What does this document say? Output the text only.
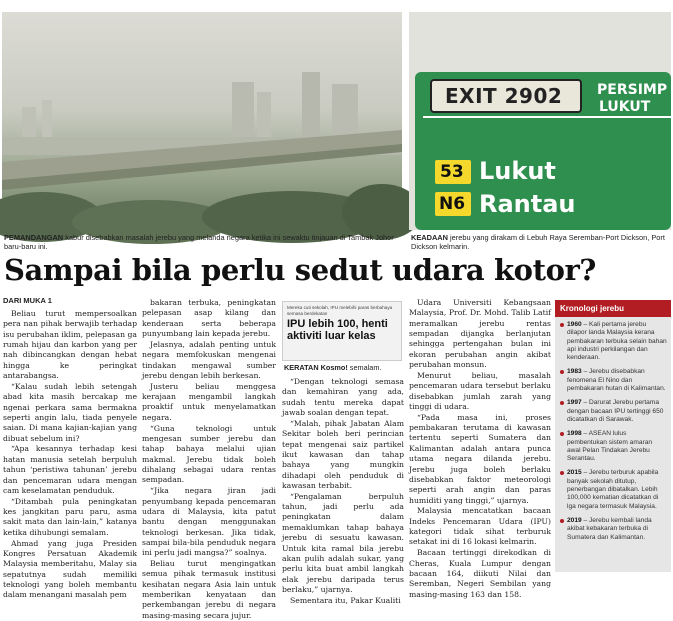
EXIT 2902 PERSIMP
LUKUT
53 Lukut
N6 Rantau
PEMANDANGAN kabur disebabkan masalah jerebu yang melanda negara ketika ini sewaktu tinjauan di Tambak Johor baru-baru ini.
KEADAAN jerebu yang dirakam di Lebuh Raya Seremban-Port Dickson, Port Dickson kelmarin.
Sampai bila perlu sedut udara kotor?
DARI MUKA 1

Beliau turut mempersoalkan pera nan pihak berwajib terhadap isu perubahan iklim, pelepasan ga rumah hijau dan karbon yang per nah dibincangkan dengan hebat hingga ke peringkat antarabangsa.

“Kalau sudah lebih setengah abad kita masih bercakap me ngenai perkara sama bermakna seperti angin lalu, tiada penyele saian. Di mana kajian-kajian yang dibuat sebelum ini?

“Apa kesannya terhadap kesi hatan manusia setelah berpuluh tahun ‘peristiwa tahunan’ jerebu dan pencemaran udara mengan cam keselamatan penduduk.

“Ditambah pula peningkatan kes jangkitan paru paru, asma sakit mata dan lain-lain,” katanya ketika dihubungi semalam.

Ahmad yang juga Presiden Kongres Persatuan Akademik Malaysia memberitahu, Malay sia sepatutnya sudah memiliki teknologi yang boleh membantu dalam menangani masalah pem

bakaran terbuka, peningkatan pelepasan asap kilang dan kenderaan serta beberapa punyumbang lain kepada jerebu.

Jelasnya, adalah penting untuk negara memfokuskan mengenai tindakan mengawal sumber jerebu dengan lebih berkesan.

Justeru beliau menggesa kerajaan mengambil langkah proaktif untuk menyelamatkan negara.

“Guna teknologi untuk mengesan sumber jerebu dan tahap bahaya melalui ujian makmal. Jerebu tidak boleh dihalang sebagai udara rentas sempadan.

“Jika negara jiran jadi penyumbang kepada pencemaran udara di Malaysia, kita patut bantu dengan menggunakan teknologi berkesan. Jika tidak, sampai bila-bila penduduk negara ini perlu jadi mangsa?” soalnya.

Beliau turut mengingatkan semua pihak termasuk institusi kesihatan negara Asia lain untuk memberikan kenyataan dan perkembangan jerebu di negara masing-masing secara jujur.

Mereka cuti sekolah, IPU melebihi paras berbahaya semasa berdekatan
IPU lebih 100, henti
aktiviti luar kelas
KERATAN Kosmo! semalam.

“Dengan teknologi semasa dan kemahiran yang ada, sudah tentu mereka dapat jawab soalan dengan tepat.

“Malah, pihak Jabatan Alam Sekitar boleh beri perincian tepat mengenai saiz partikel ikut kawasan dan tahap bahaya yang mungkin dihadapi oleh penduduk di kawasan terbabit.

“Pengalaman berpuluh tahun, jadi perlu ada peningkatan dalam memaklumkan tahap bahaya jerebu di sesuatu kawasan. Untuk kita ramal bila jerebu akan pulih adalah sukar, yang perlu kita buat ambil langkah elak jerebu daripada terus berlaku,” ujarnya.

Sementara itu, Pakar Kualiti

Udara Universiti Kebangsaan Malaysia, Prof. Dr. Mohd. Talib Latif meramalkan jerebu rentas sempadan dijangka berlanjutan sehingga pertengahan bulan ini ekoran perubahan angin akibat perubahan monsun.

Menurut beliau, masalah pencemaran udara tersebut berlaku disebabkan jumlah zarah yang tinggi di udara.

“Pada masa ini, proses pembakaran terutama di kawasan tertentu seperti Sumatera dan Kalimantan adalah antara punca utama negara dilanda jerebu. Jerebu juga boleh berlaku disebabkan faktor meteorologi seperti arah angin dan paras humiditi yang tinggi,” ujarnya.

Malaysia mencatatkan bacaan Indeks Pencemaran Udara (IPU) kategori tidak sihat terburuk setakat ini di 16 lokasi kelmarin.

Bacaan tertinggi direkodkan di Cheras, Kuala Lumpur dengan bacaan 164, diikuti Nilai dan Seremban, Negeri Sembilan yang masing-masing 163 dan 158.

Kronologi jerebu
1960 – Kali pertama jerebu dilapor landa Malaysia kerana pembakaran terbuka selain bahan api industri perkilangan dan kenderaan.
1983 – Jerebu disebabkan fenomena El Nino dan pembakaran hutan di Kalimantan.
1997 – Darurat Jerebu pertama dengan bacaan IPU tertinggi 650 dicatatkan di Sarawak.
1998 – ASEAN lulus pembentukan sistem amaran awal Pelan Tindakan Jerebu Serantau.
2015 – Jerebu terburuk apabila banyak sekolah ditutup, penerbangan dibatalkan. Lebih 100,000 kematian dicatatkan di lga negara termasuk Malaysia.
2019 – Jerebu kembali landa akibat kebakaran terbuka di Sumatera dan Kalimantan.
